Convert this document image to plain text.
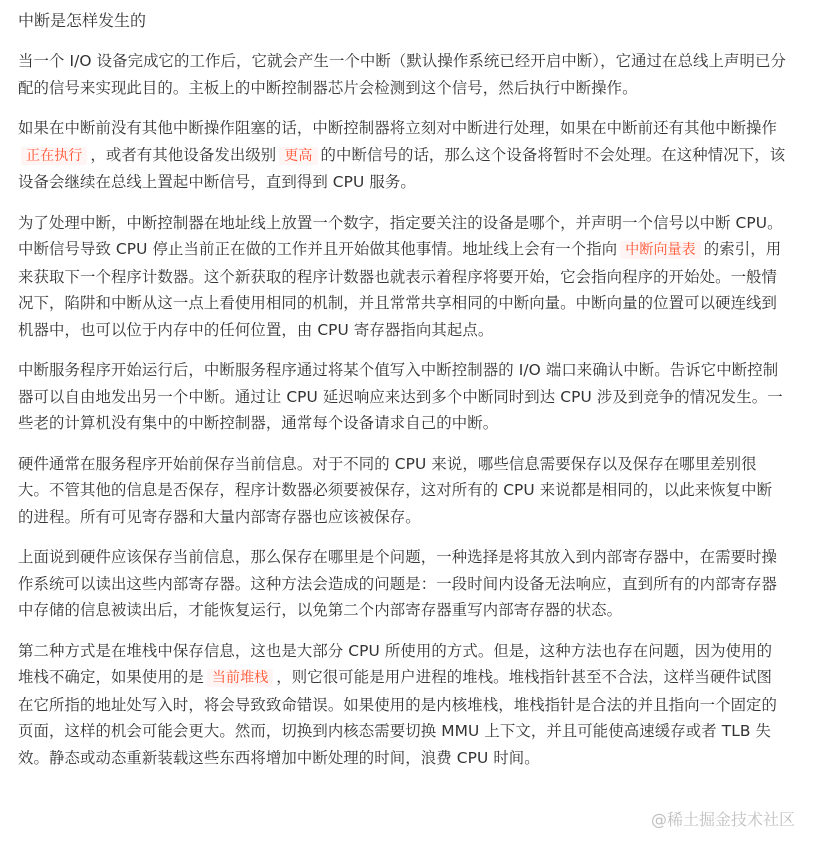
中断是怎样发生的

当一个 I/O 设备完成它的工作后，它就会产生一个中断（默认操作系统已经开启中断），它通过在总线上声明已分配的信号来实现此目的。主板上的中断控制器芯片会检测到这个信号，然后执行中断操作。

如果在中断前没有其他中断操作阻塞的话，中断控制器将立刻对中断进行处理，如果在中断前还有其他中断操作正在执行 ，或者有其他设备发出级别 更高 的中断信号的话，那么这个设备将暂时不会处理。在这种情况下，该设备会继续在总线上置起中断信号，直到得到 CPU 服务。

为了处理中断，中断控制器在地址线上放置一个数字，指定要关注的设备是哪个，并声明一个信号以中断 CPU。中断信号导致 CPU 停止当前正在做的工作并且开始做其他事情。地址线上会有一个指向 中断向量表 的索引，用来获取下一个程序计数器。这个新获取的程序计数器也就表示着程序将要开始，它会指向程序的开始处。一般情况下，陷阱和中断从这一点上看使用相同的机制，并且常常共享相同的中断向量。中断向量的位置可以硬连线到机器中，也可以位于内存中的任何位置，由 CPU 寄存器指向其起点。

中断服务程序开始运行后，中断服务程序通过将某个值写入中断控制器的 I/O 端口来确认中断。告诉它中断控制器可以自由地发出另一个中断。通过让 CPU 延迟响应来达到多个中断同时到达 CPU 涉及到竞争的情况发生。一些老的计算机没有集中的中断控制器，通常每个设备请求自己的中断。

硬件通常在服务程序开始前保存当前信息。对于不同的 CPU 来说，哪些信息需要保存以及保存在哪里差别很大。不管其他的信息是否保存，程序计数器必须要被保存，这对所有的 CPU 来说都是相同的，以此来恢复中断的进程。所有可见寄存器和大量内部寄存器也应该被保存。

上面说到硬件应该保存当前信息，那么保存在哪里是个问题，一种选择是将其放入到内部寄存器中，在需要时操作系统可以读出这些内部寄存器。这种方法会造成的问题是：一段时间内设备无法响应，直到所有的内部寄存器中存储的信息被读出后，才能恢复运行，以免第二个内部寄存器重写内部寄存器的状态。

第二种方式是在堆栈中保存信息，这也是大部分 CPU 所使用的方式。但是，这种方法也存在问题，因为使用的堆栈不确定，如果使用的是 当前堆栈 ，则它很可能是用户进程的堆栈。堆栈指针甚至不合法，这样当硬件试图在它所指的地址处写入时，将会导致致命错误。如果使用的是内核堆栈，堆栈指针是合法的并且指向一个固定的页面，这样的机会可能会更大。然而，切换到内核态需要切换 MMU 上下文，并且可能使高速缓存或者 TLB 失效。静态或动态重新装载这些东西将增加中断处理的时间，浪费 CPU 时间。

@稀土掘金技术社区
